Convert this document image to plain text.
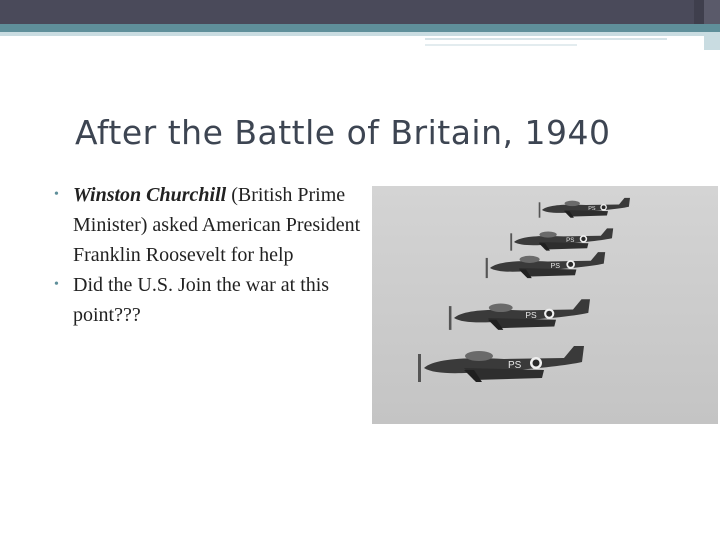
After the Battle of Britain, 1940
• Winston Churchill (British Prime Minister) asked American President Franklin Roosevelt for help
• Did the U.S. Join the war at this point???
PS
PS
PS
PS
PS
